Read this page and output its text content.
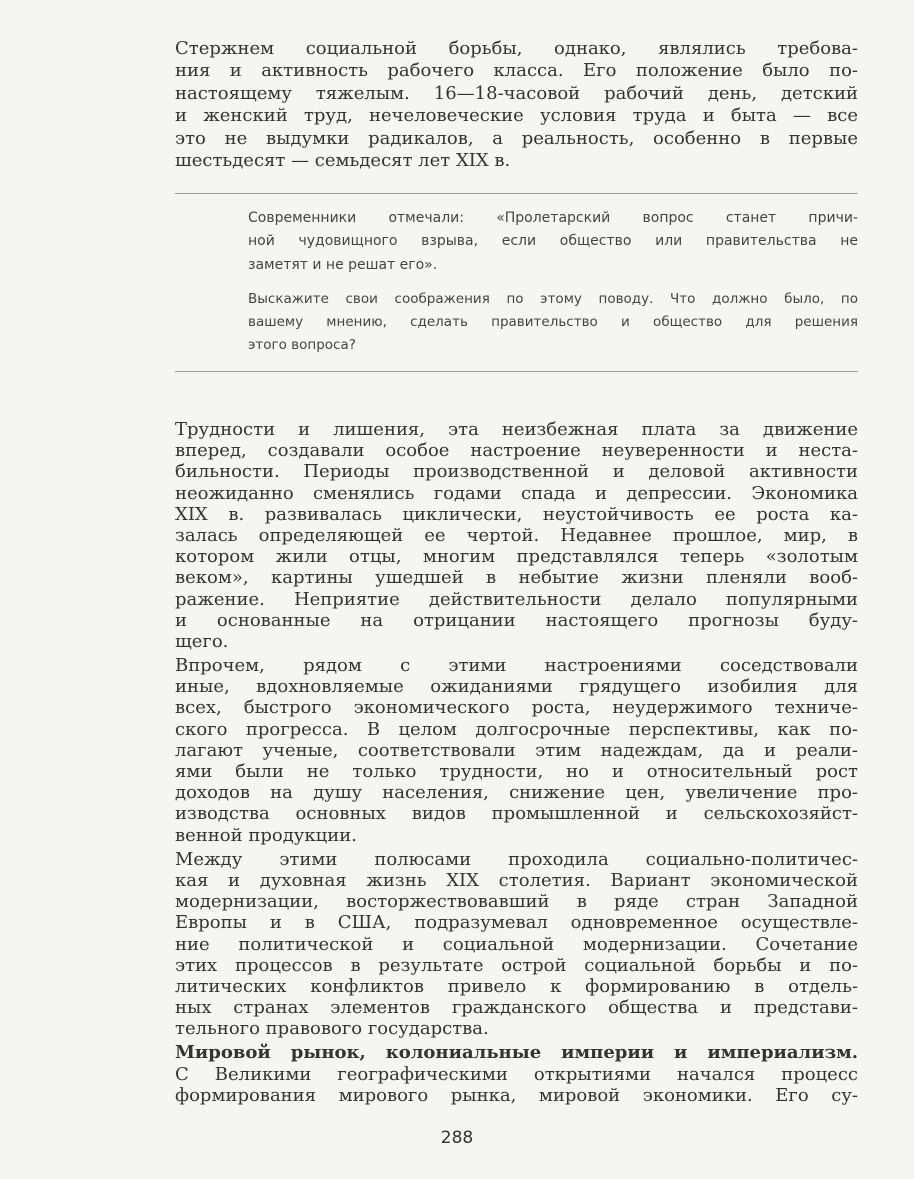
Стержнем социальной борьбы, однако, являлись требова-
ния и активность рабочего класса. Его положение было по-
настоящему тяжелым. 16—18-часовой рабочий день, детский
и женский труд, нечеловеческие условия труда и быта — все
это не выдумки радикалов, а реальность, особенно в первые
шестьдесят — семьдесят лет XIX в.
Современники отмечали: «Пролетарский вопрос станет причи-
ной чудовищного взрыва, если общество или правительства не
заметят и не решат его».
Выскажите свои соображения по этому поводу. Что должно было, по
вашему мнению, сделать правительство и общество для решения
этого вопроса?
Трудности и лишения, эта неизбежная плата за движение
вперед, создавали особое настроение неуверенности и неста-
бильности. Периоды производственной и деловой активности
неожиданно сменялись годами спада и депрессии. Экономика
XIX в. развивалась циклически, неустойчивость ее роста ка-
залась определяющей ее чертой. Недавнее прошлое, мир, в
котором жили отцы, многим представлялся теперь «золотым
веком», картины ушедшей в небытие жизни пленяли вооб-
ражение. Неприятие действительности делало популярными
и основанные на отрицании настоящего прогнозы буду-
щего.
Впрочем, рядом с этими настроениями соседствовали
иные, вдохновляемые ожиданиями грядущего изобилия для
всех, быстрого экономического роста, неудержимого техниче-
ского прогресса. В целом долгосрочные перспективы, как по-
лагают ученые, соответствовали этим надеждам, да и реали-
ями были не только трудности, но и относительный рост
доходов на душу населения, снижение цен, увеличение про-
изводства основных видов промышленной и сельскохозяйст-
венной продукции.
Между этими полюсами проходила социально-политичес-
кая и духовная жизнь XIX столетия. Вариант экономической
модернизации, восторжествовавший в ряде стран Западной
Европы и в США, подразумевал одновременное осуществле-
ние политической и социальной модернизации. Сочетание
этих процессов в результате острой социальной борьбы и по-
литических конфликтов привело к формированию в отдель-
ных странах элементов гражданского общества и представи-
тельного правового государства.
Мировой рынок, колониальные империи и империализм.
С Великими географическими открытиями начался процесс
формирования мирового рынка, мировой экономики. Его су-
288
